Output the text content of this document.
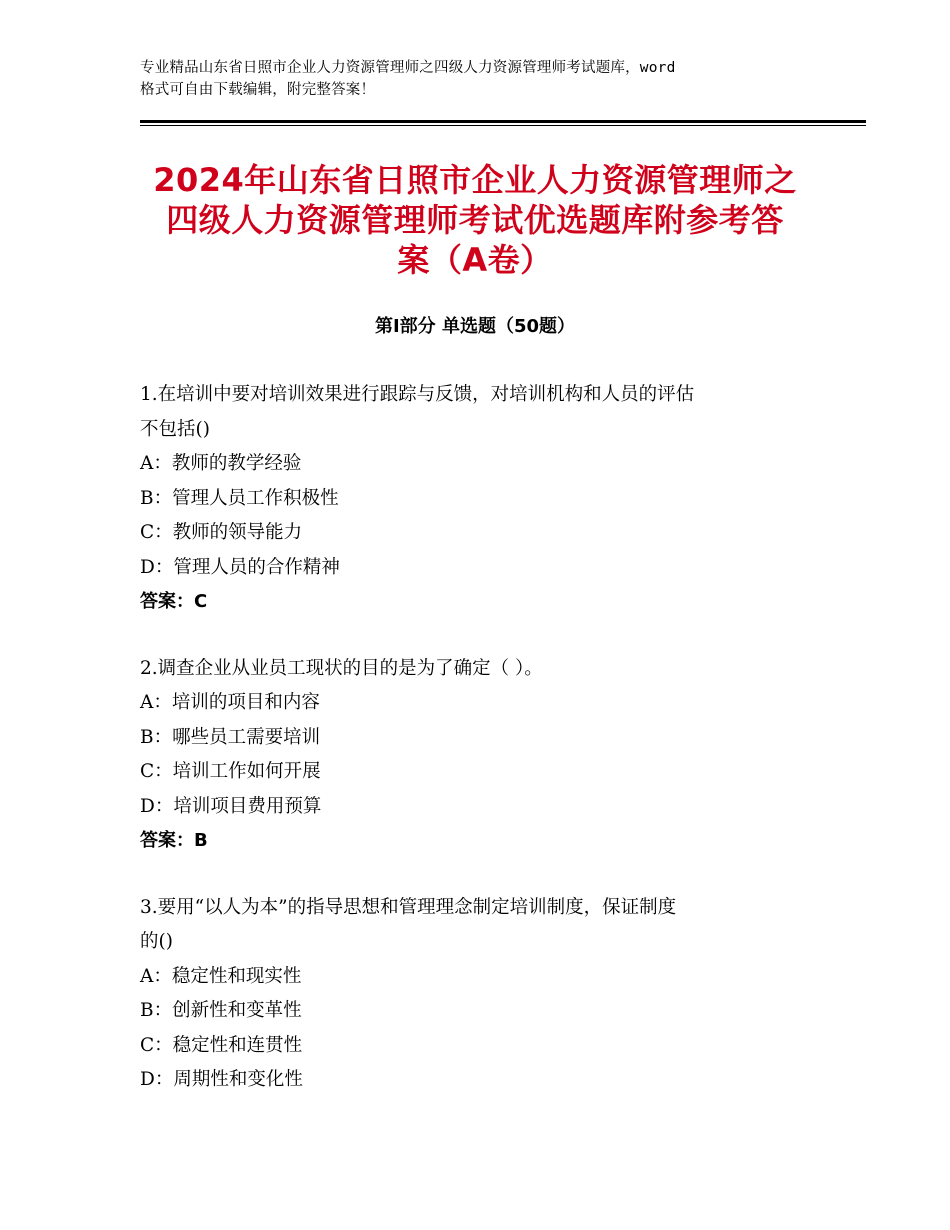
专业精品山东省日照市企业人力资源管理师之四级人力资源管理师考试题库，word
格式可自由下载编辑，附完整答案！
2024年山东省日照市企业人力资源管理师之
四级人力资源管理师考试优选题库附参考答
案（A卷）
第Ⅰ部分 单选题（50题）
1.在培训中要对培训效果进行跟踪与反馈，对培训机构和人员的评估
不包括()
A：教师的教学经验
B：管理人员工作积极性
C：教师的领导能力
D：管理人员的合作精神
答案：C
2.调查企业从业员工现状的目的是为了确定（ ）。
A：培训的项目和内容
B：哪些员工需要培训
C：培训工作如何开展
D：培训项目费用预算
答案：B
3.要用“以人为本”的指导思想和管理理念制定培训制度，保证制度
的()
A：稳定性和现实性
B：创新性和变革性
C：稳定性和连贯性
D：周期性和变化性
